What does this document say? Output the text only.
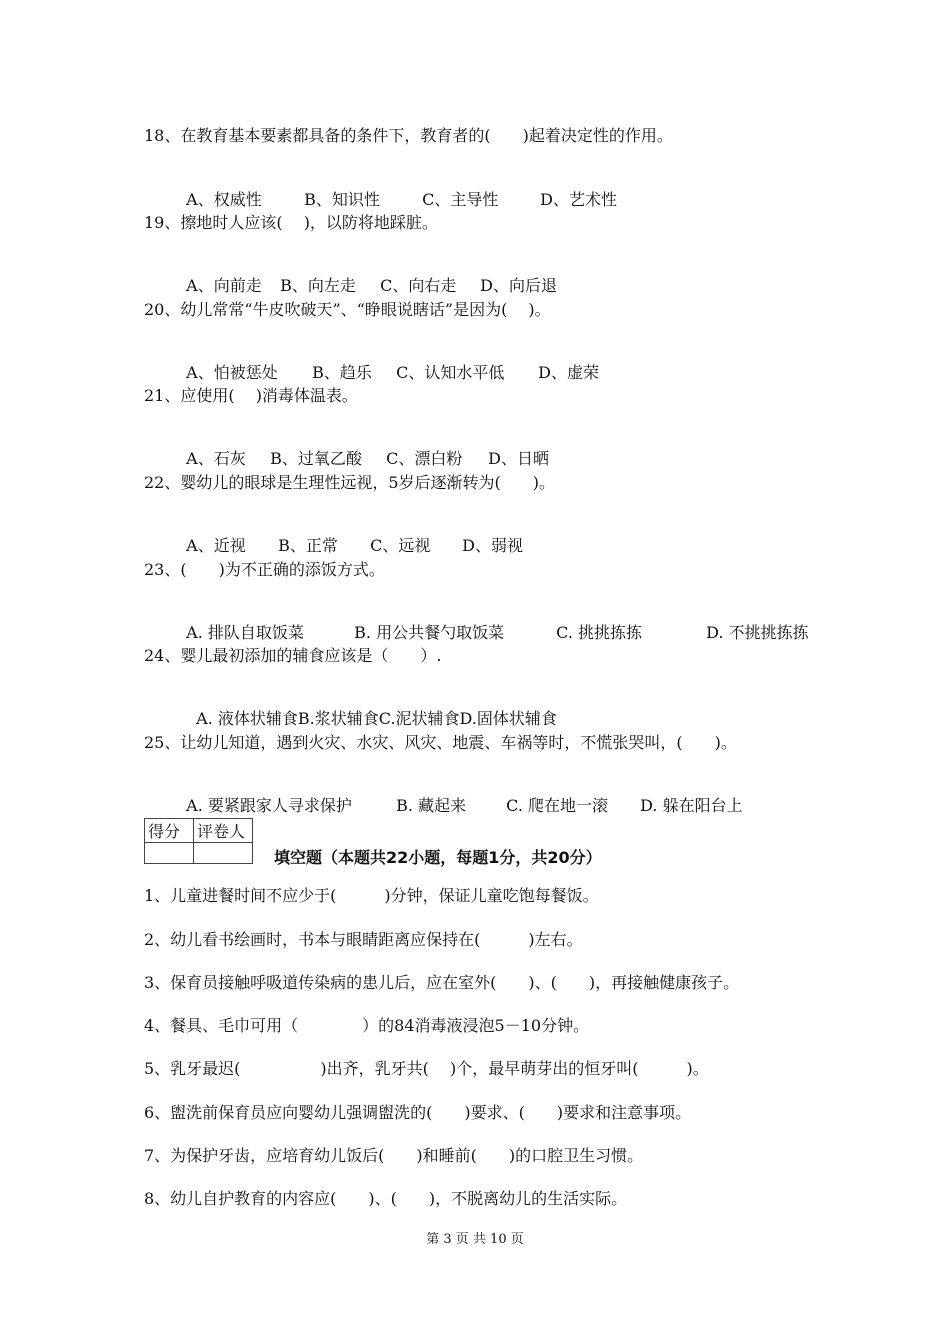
18、在教育基本要素都具备的条件下，教育者的(　　)起着决定性的作用。

A、权威性	B、知识性	C、主导性	D、艺术性

19、擦地时人应该(　 )，以防将地踩脏。

A、向前走 B、向左走 C、向右走 D、向后退

20、幼儿常常“牛皮吹破天”、“睁眼说瞎话”是因为(　 )。

A、怕被惩处 B、趋乐 C、认知水平低 D、虚荣

21、应使用(　 )消毒体温表。

A、石灰 B、过氧乙酸 C、漂白粉 D、日晒

22、婴幼儿的眼球是生理性远视，5岁后逐渐转为(　　)。

A、近视 B、正常 C、远视 D、弱视

23、(　　)为不正确的添饭方式。

A. 排队自取饭菜	B. 用公共餐勺取饭菜	C. 挑挑拣拣	D. 不挑挑拣拣

24、婴儿最初添加的辅食应该是（　　）.

A. 液体状辅食B.浆状辅食C.泥状辅食D.固体状辅食

25、让幼儿知道，遇到火灾、水灾、风灾、地震、车祸等时，不慌张哭叫，(　　)。

A. 要紧跟家人寻求保护	B. 藏起来	C. 爬在地一滚 D. 躲在阳台上

得分	评卷人

填空题（本题共22小题，每题1分，共20分）
1、儿童进餐时间不应少于(　　　)分钟，保证儿童吃饱每餐饭。
2、幼儿看书绘画时，书本与眼睛距离应保持在(　　　)左右。
3、保育员接触呼吸道传染病的患儿后，应在室外(　　)、(　　)，再接触健康孩子。
4、餐具、毛巾可用（　　　　）的84消毒液浸泡5－10分钟。
5、乳牙最迟(　　　　　)出齐，乳牙共(　 )个，最早萌芽出的恒牙叫(　　　)。
6、盥洗前保育员应向婴幼儿强调盥洗的(　　)要求、(　　)要求和注意事项。
7、为保护牙齿，应培育幼儿饭后(　　)和睡前(　　)的口腔卫生习惯。
8、幼儿自护教育的内容应(　　)、(　　)，不脱离幼儿的生活实际。
第 3 页 共 10 页
